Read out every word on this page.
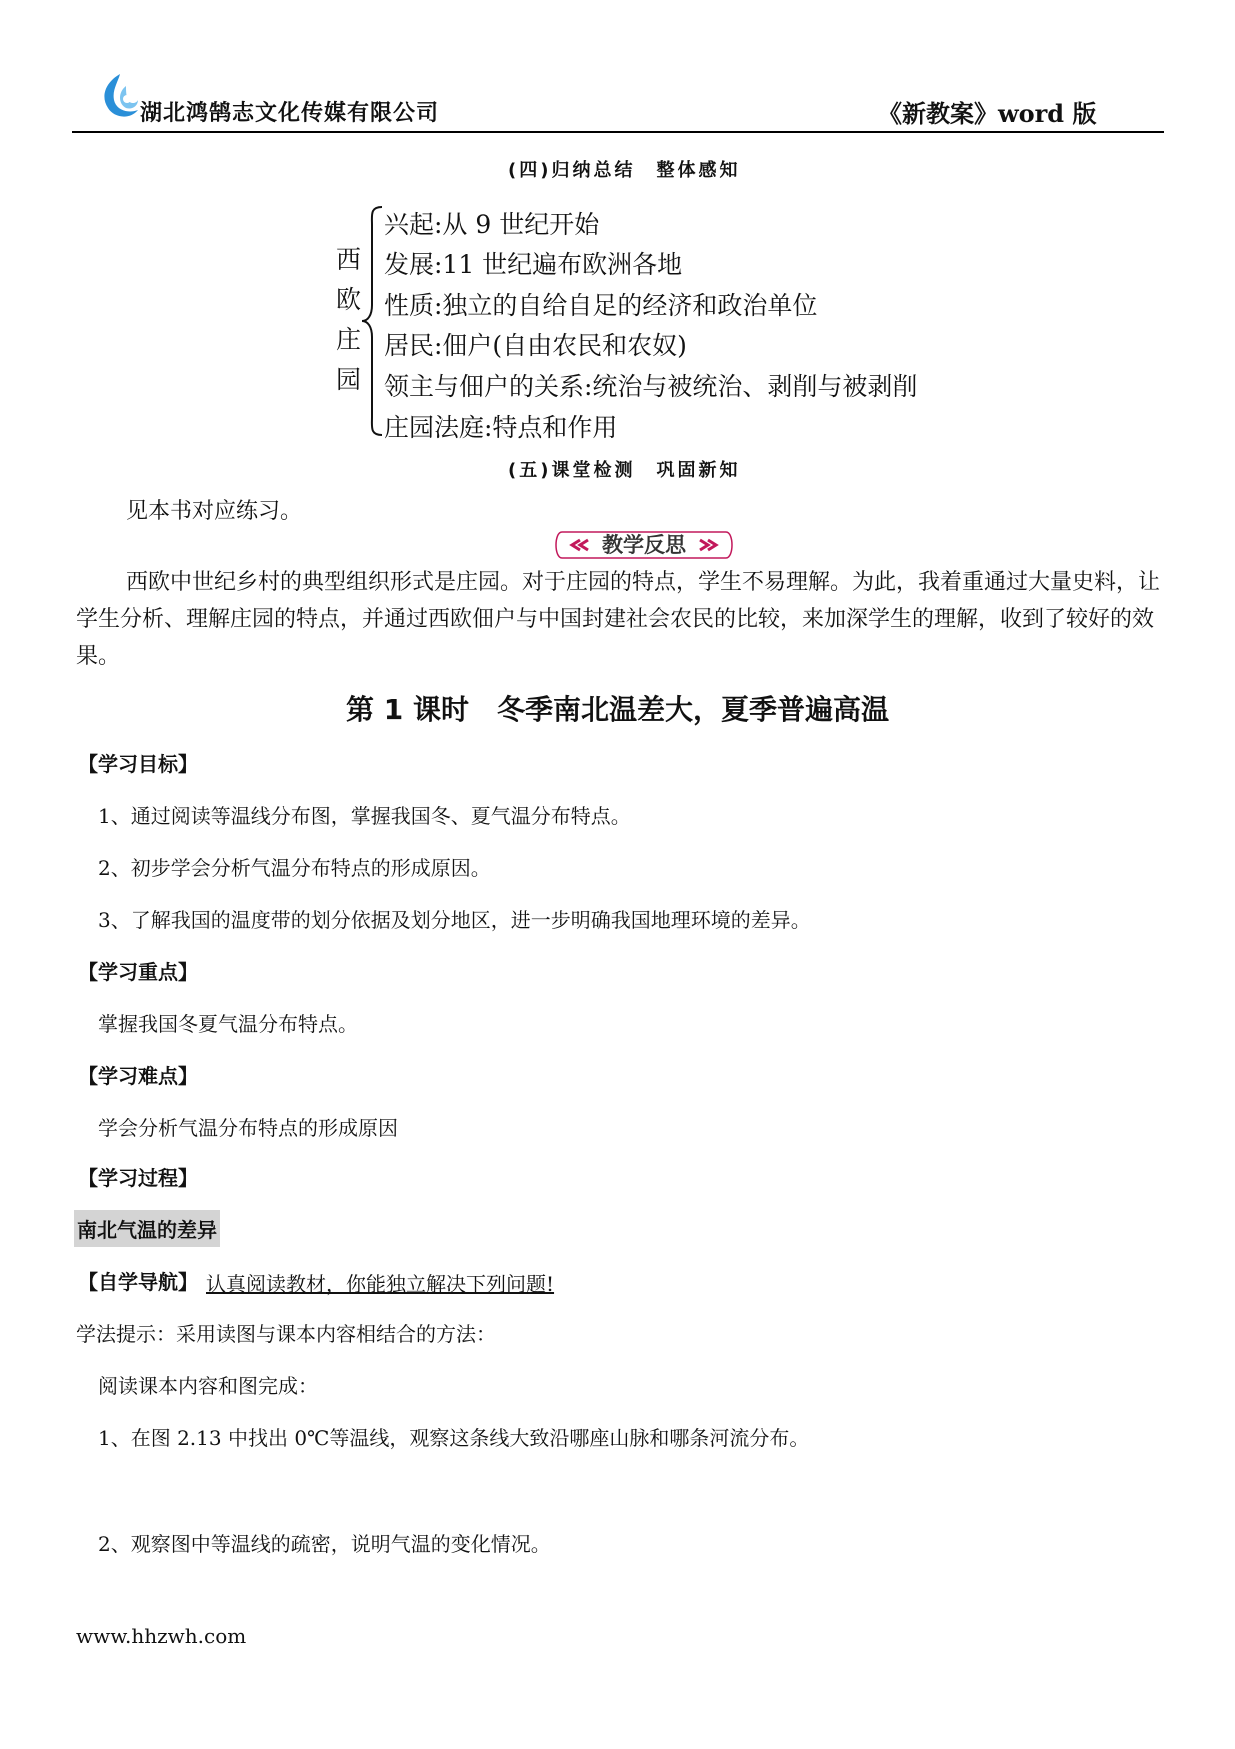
湖北鸿鹄志文化传媒有限公司	《新教案》word 版
(四)归纳总结　整体感知
西
欧
庄
园
兴起:从 9 世纪开始
发展:11 世纪遍布欧洲各地
性质:独立的自给自足的经济和政治单位
居民:佃户(自由农民和农奴)
领主与佃户的关系:统治与被统治、剥削与被剥削
庄园法庭:特点和作用
(五)课堂检测　巩固新知
见本书对应练习。
教学反思
西欧中世纪乡村的典型组织形式是庄园。对于庄园的特点，学生不易理解。为此，我着重通过大量史料，让学生分析、理解庄园的特点，并通过西欧佃户与中国封建社会农民的比较，来加深学生的理解，收到了较好的效果。
第 1 课时　冬季南北温差大，夏季普遍高温
【学习目标】
1、通过阅读等温线分布图，掌握我国冬、夏气温分布特点。
2、初步学会分析气温分布特点的形成原因。
3、了解我国的温度带的划分依据及划分地区，进一步明确我国地理环境的差异。
【学习重点】
掌握我国冬夏气温分布特点。
【学习难点】
学会分析气温分布特点的形成原因
【学习过程】
南北气温的差异
【自学导航】 认真阅读教材，你能独立解决下列问题!
学法提示：采用读图与课本内容相结合的方法：
阅读课本内容和图完成：
1、在图 2.13 中找出 0℃等温线，观察这条线大致沿哪座山脉和哪条河流分布。
2、观察图中等温线的疏密，说明气温的变化情况。
www.hhzwh.com
